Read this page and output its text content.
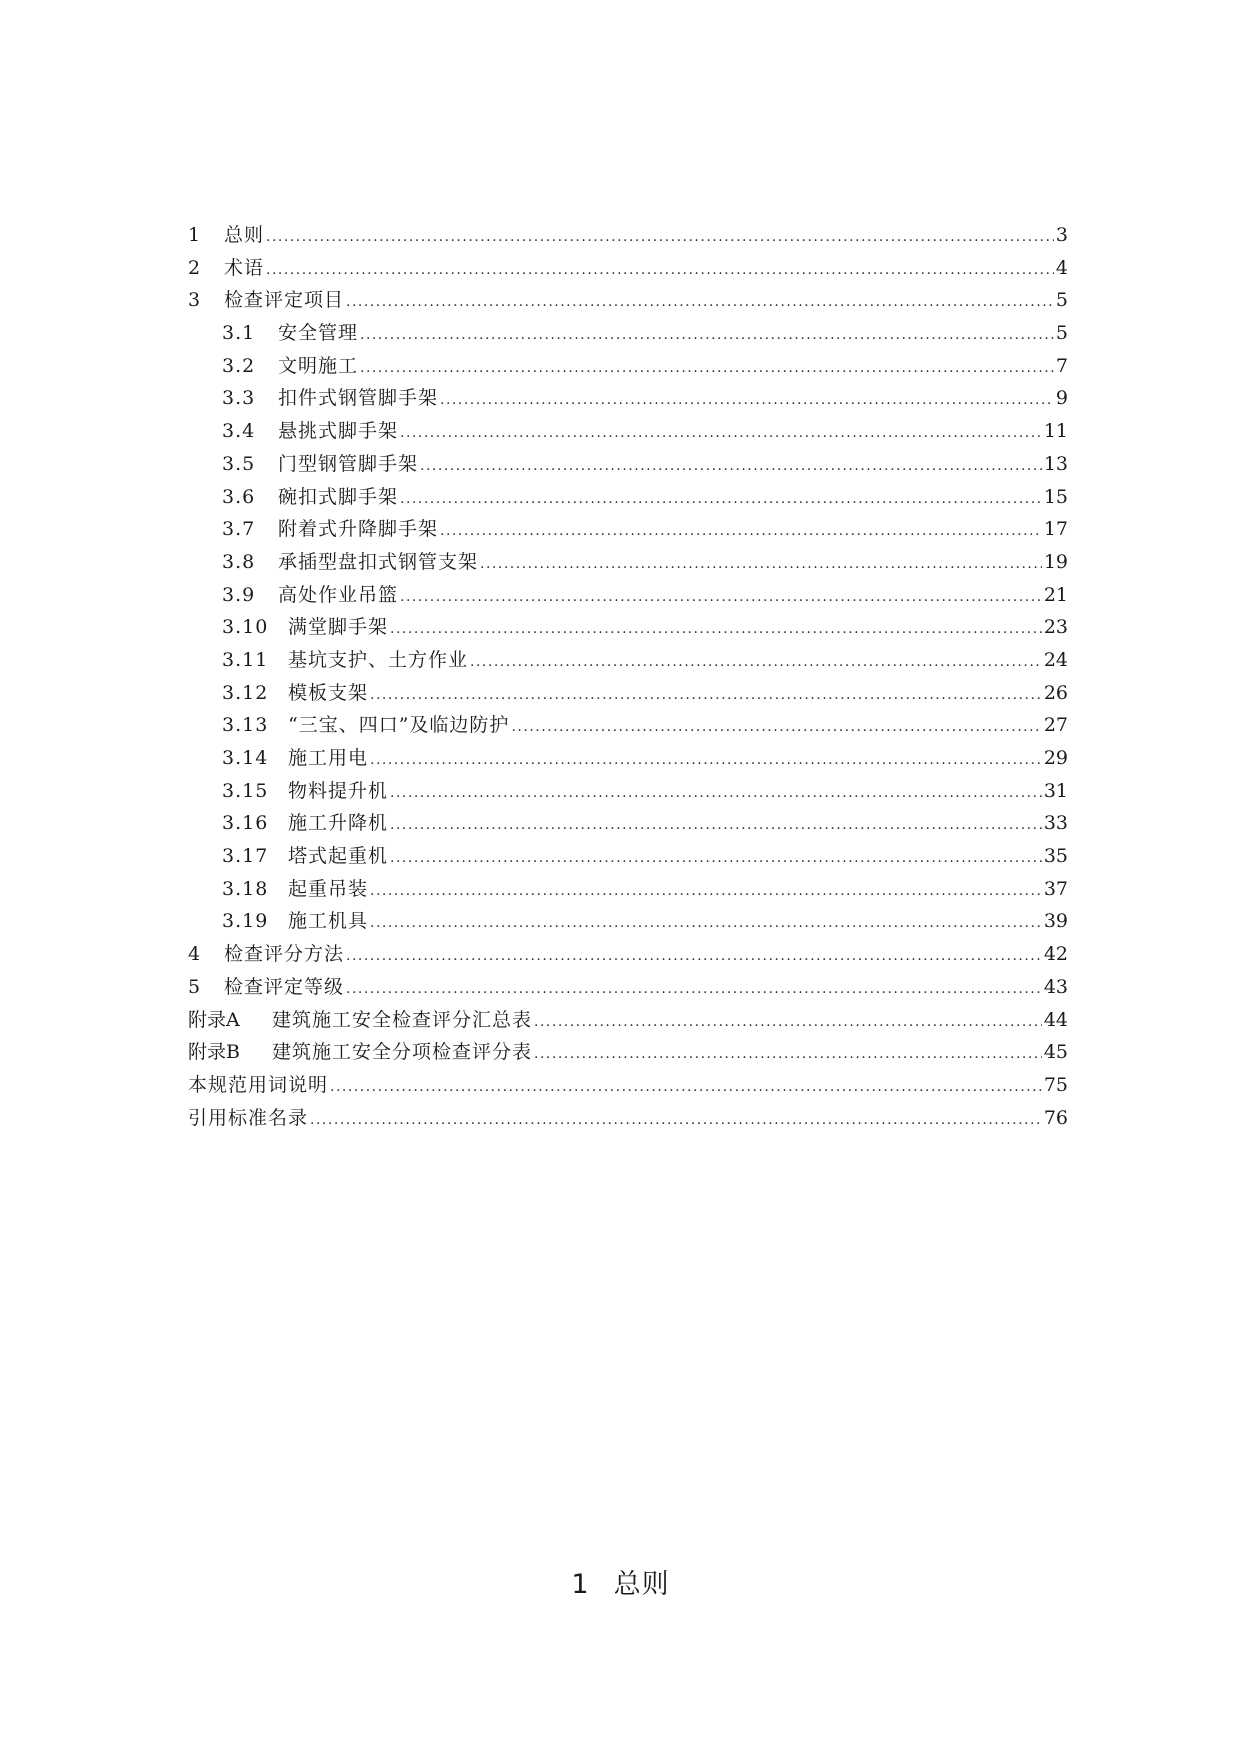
1	总则 .....	3
2	术语 .....	4
3	检查评定项目 .....	5
3.1	安全管理 .....	5
3.2	文明施工 .....	7
3.3	扣件式钢管脚手架 .....	9
3.4	悬挑式脚手架 .....	11
3.5	门型钢管脚手架 .....	13
3.6	碗扣式脚手架 .....	15
3.7	附着式升降脚手架 .....	17
3.8	承插型盘扣式钢管支架 .....	19
3.9	高处作业吊篮 .....	21
3.10	满堂脚手架 .....	23
3.11	基坑支护、土方作业 .....	24
3.12	模板支架 .....	26
3.13	“三宝、四口”及临边防护 .....	27
3.14	施工用电 .....	29
3.15	物料提升机 .....	31
3.16	施工升降机 .....	33
3.17	塔式起重机 .....	35
3.18	起重吊装 .....	37
3.19	施工机具 .....	39
4	检查评分方法 .....	42
5	检查评定等级 .....	43
附录A	建筑施工安全检查评分汇总表 .....	44
附录B	建筑施工安全分项检查评分表 .....	45
本规范用词说明 .....	75
引用标准名录 .....	76
1 总则
